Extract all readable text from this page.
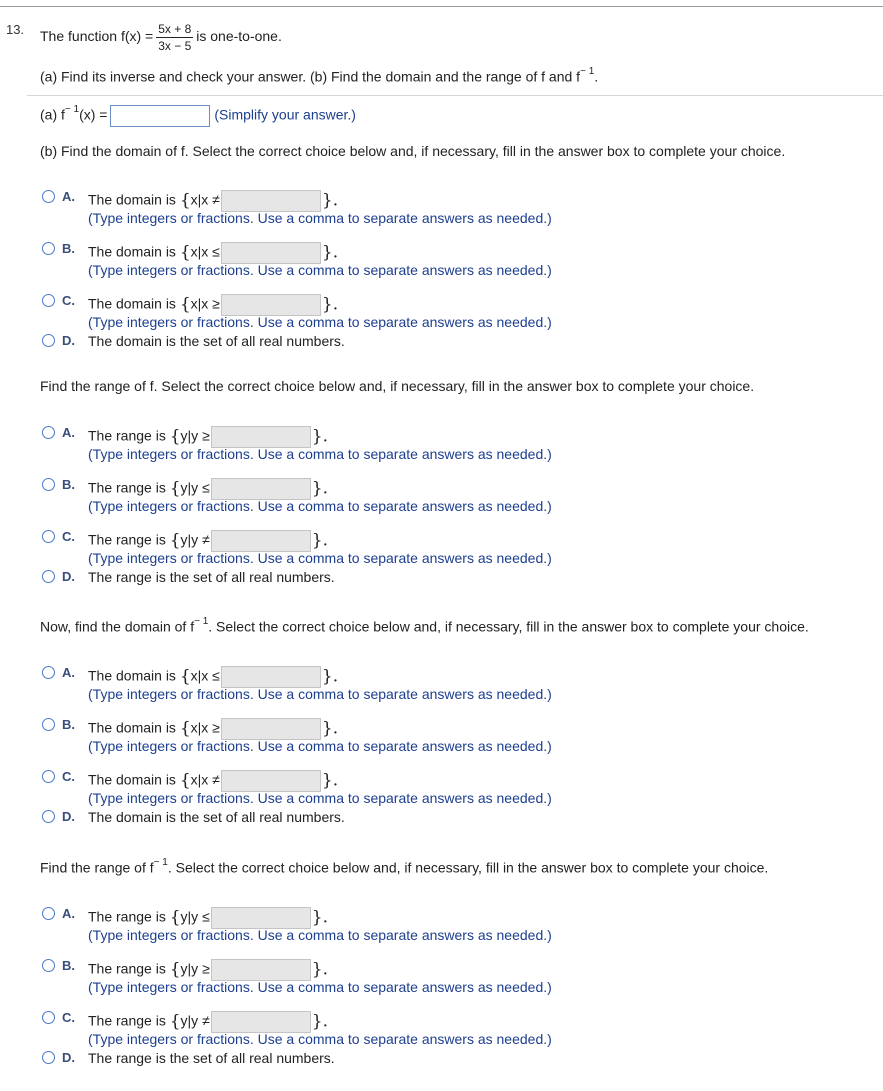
13. The function $f(x) = \frac{5x + 8}{3x - 5}$ is one-to-one.
(a) Find its inverse and check your answer. (b) Find the domain and the range of f and $f^{- 1}$.
(a) $f^{- 1}(x)$ =	(Simplify your answer.)
(b) Find the domain of f. Select the correct choice below and, if necessary, fill in the answer box to complete your choice.
A. The domain is {x|x ≠	}.
(Type integers or fractions. Use a comma to separate answers as needed.)
B. The domain is {x|x ≤	}.
(Type integers or fractions. Use a comma to separate answers as needed.)
C. The domain is {x|x ≥	}.
(Type integers or fractions. Use a comma to separate answers as needed.)
D. The domain is the set of all real numbers.
Find the range of f. Select the correct choice below and, if necessary, fill in the answer box to complete your choice.
A. The range is {y|y ≥	}.
(Type integers or fractions. Use a comma to separate answers as needed.)
B. The range is {y|y ≤	}.
(Type integers or fractions. Use a comma to separate answers as needed.)
C. The range is {y|y ≠	}.
(Type integers or fractions. Use a comma to separate answers as needed.)
D. The range is the set of all real numbers.
Now, find the domain of $f^{- 1}$. Select the correct choice below and, if necessary, fill in the answer box to complete your choice.
A. The domain is {x|x ≤	}.
(Type integers or fractions. Use a comma to separate answers as needed.)
B. The domain is {x|x ≥	}.
(Type integers or fractions. Use a comma to separate answers as needed.)
C. The domain is {x|x ≠	}.
(Type integers or fractions. Use a comma to separate answers as needed.)
D. The domain is the set of all real numbers.
Find the range of $f^{- 1}$. Select the correct choice below and, if necessary, fill in the answer box to complete your choice.
A. The range is {y|y ≤	}.
(Type integers or fractions. Use a comma to separate answers as needed.)
B. The range is {y|y ≥	}.
(Type integers or fractions. Use a comma to separate answers as needed.)
C. The range is {y|y ≠	}.
(Type integers or fractions. Use a comma to separate answers as needed.)
D. The range is the set of all real numbers.
